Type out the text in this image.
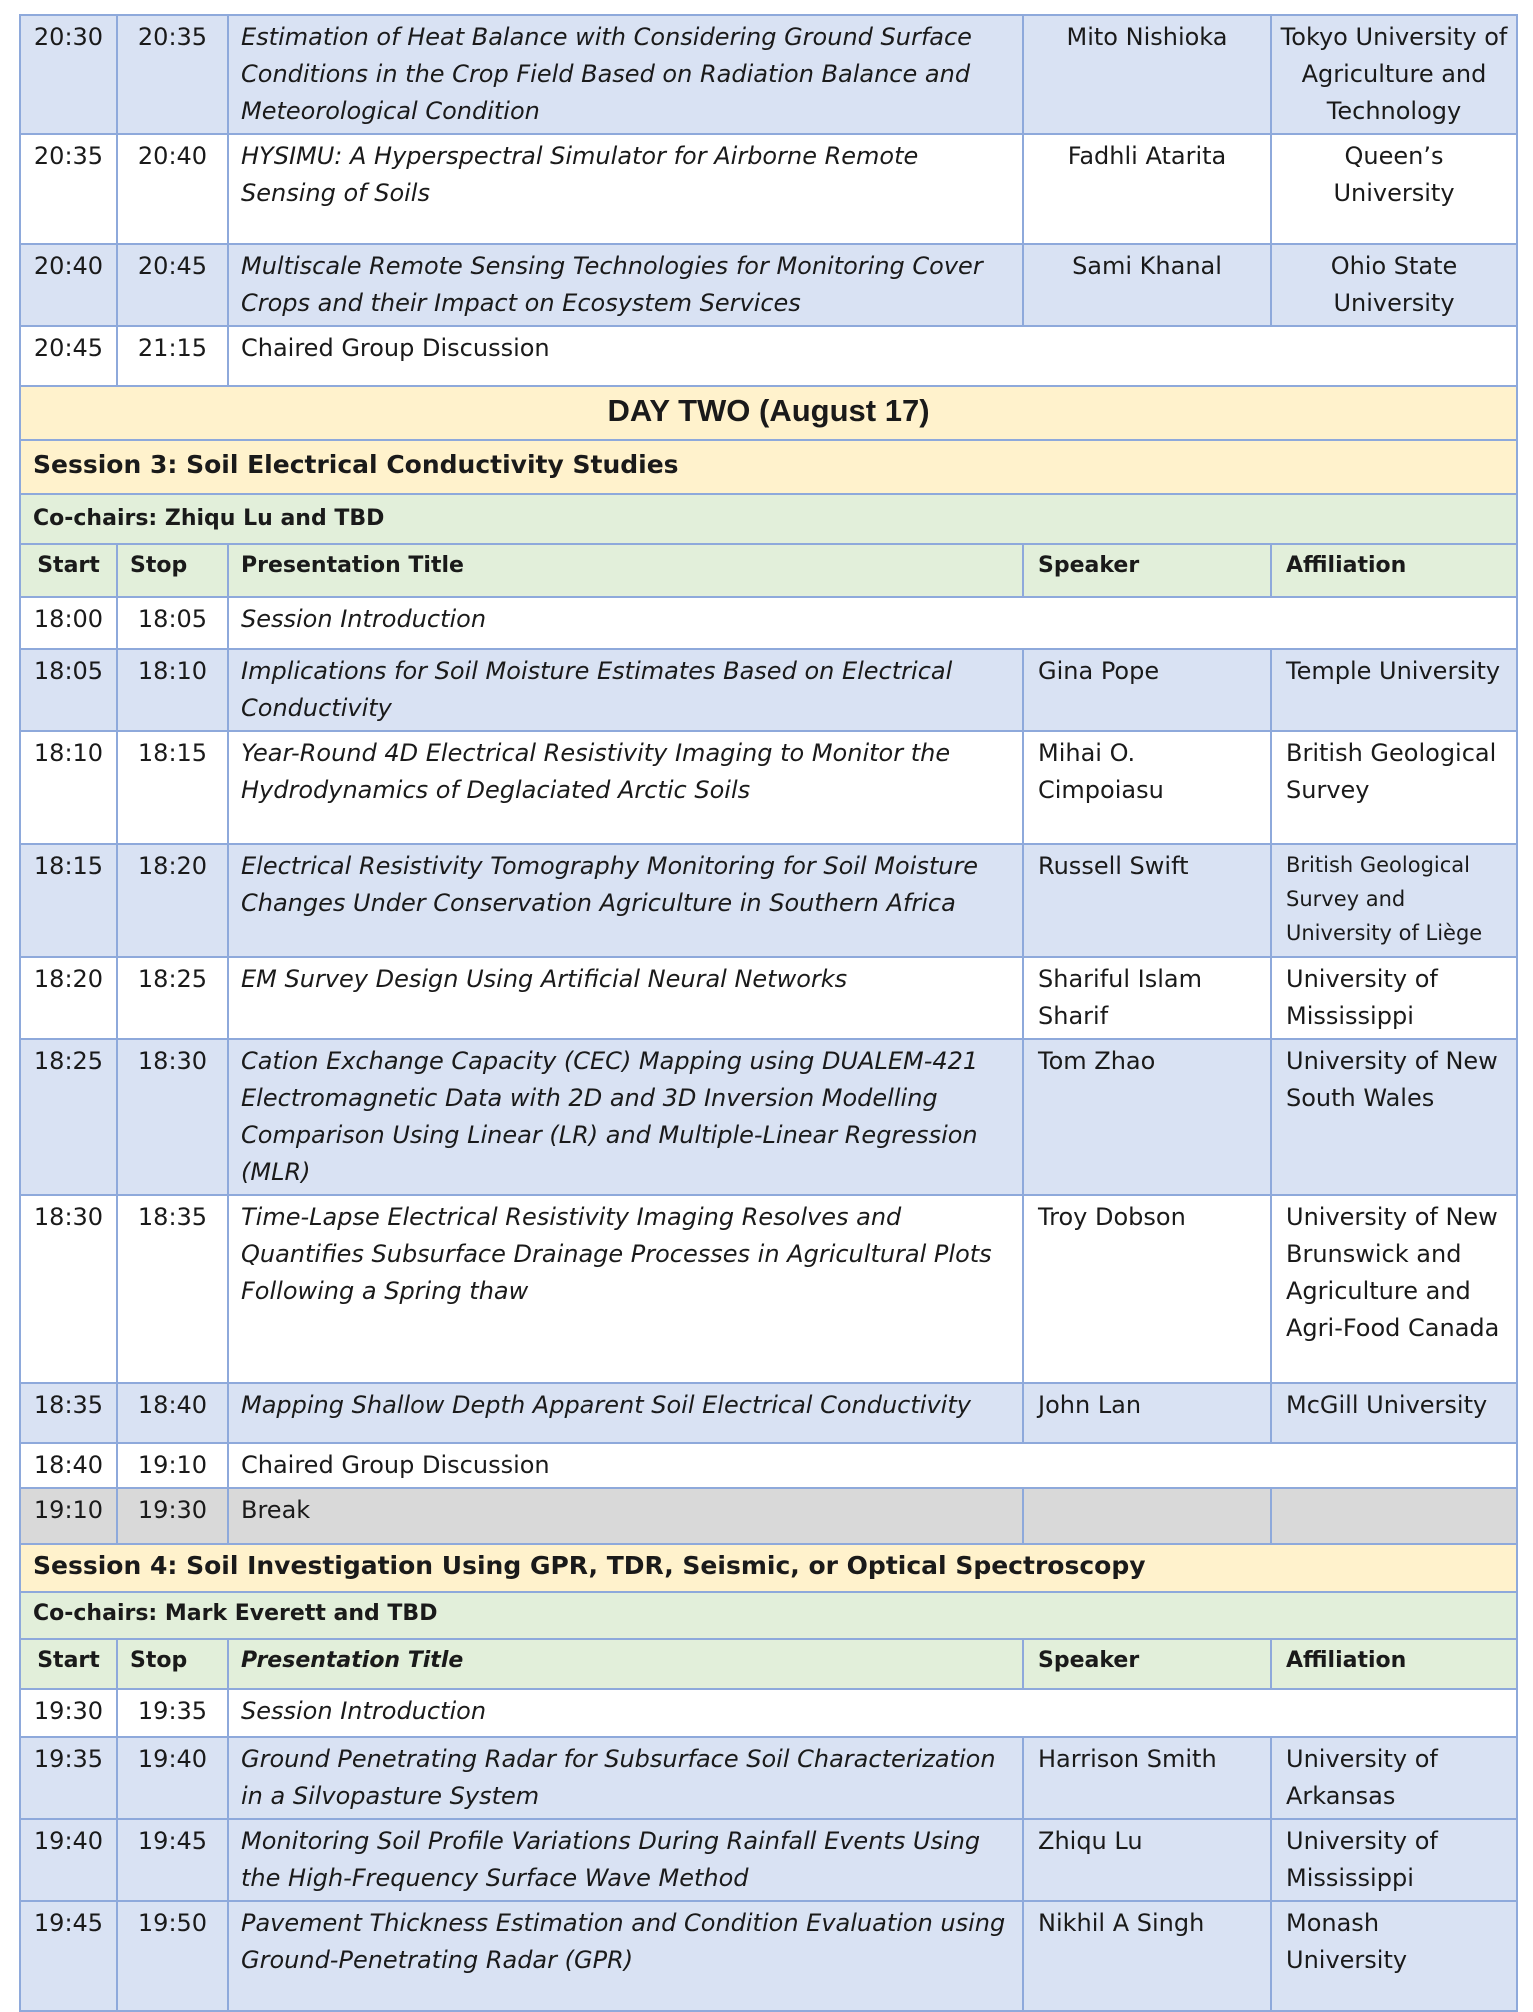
20:30	20:35	Estimation of Heat Balance with Considering Ground Surface Conditions in the Crop Field Based on Radiation Balance and Meteorological Condition	Mito Nishioka	Tokyo University of Agriculture and Technology
20:35	20:40	HYSIMU: A Hyperspectral Simulator for Airborne Remote Sensing of Soils	Fadhli Atarita	Queen’s University
20:40	20:45	Multiscale Remote Sensing Technologies for Monitoring Cover Crops and their Impact on Ecosystem Services	Sami Khanal	Ohio State University
20:45	21:15	Chaired Group Discussion		
DAY TWO (August 17)				
Session 3: Soil Electrical Conductivity Studies				
Co-chairs: Zhiqu Lu and TBD				
Start	Stop	Presentation Title	Speaker	Affiliation
18:00	18:05	Session Introduction		
18:05	18:10	Implications for Soil Moisture Estimates Based on Electrical Conductivity	Gina Pope	Temple University
18:10	18:15	Year-Round 4D Electrical Resistivity Imaging to Monitor the Hydrodynamics of Deglaciated Arctic Soils	Mihai O. Cimpoiasu	British Geological Survey
18:15	18:20	Electrical Resistivity Tomography Monitoring for Soil Moisture Changes Under Conservation Agriculture in Southern Africa	Russell Swift	British Geological Survey and University of Liège
18:20	18:25	EM Survey Design Using Artificial Neural Networks	Shariful Islam Sharif	University of Mississippi
18:25	18:30	Cation Exchange Capacity (CEC) Mapping using DUALEM-421 Electromagnetic Data with 2D and 3D Inversion Modelling Comparison Using Linear (LR) and Multiple-Linear Regression (MLR)	Tom Zhao	University of New South Wales
18:30	18:35	Time-Lapse Electrical Resistivity Imaging Resolves and Quantifies Subsurface Drainage Processes in Agricultural Plots Following a Spring thaw	Troy Dobson	University of New Brunswick and Agriculture and Agri-Food Canada
18:35	18:40	Mapping Shallow Depth Apparent Soil Electrical Conductivity	John Lan	McGill University
18:40	19:10	Chaired Group Discussion		
19:10	19:30	Break		
Session 4: Soil Investigation Using GPR, TDR, Seismic, or Optical Spectroscopy				
Co-chairs: Mark Everett and TBD				
Start	Stop	Presentation Title	Speaker	Affiliation
19:30	19:35	Session Introduction		
19:35	19:40	Ground Penetrating Radar for Subsurface Soil Characterization in a Silvopasture System	Harrison Smith	University of Arkansas
19:40	19:45	Monitoring Soil Profile Variations During Rainfall Events Using the High-Frequency Surface Wave Method	Zhiqu Lu	University of Mississippi
19:45	19:50	Pavement Thickness Estimation and Condition Evaluation using Ground-Penetrating Radar (GPR)	Nikhil A Singh	Monash University
